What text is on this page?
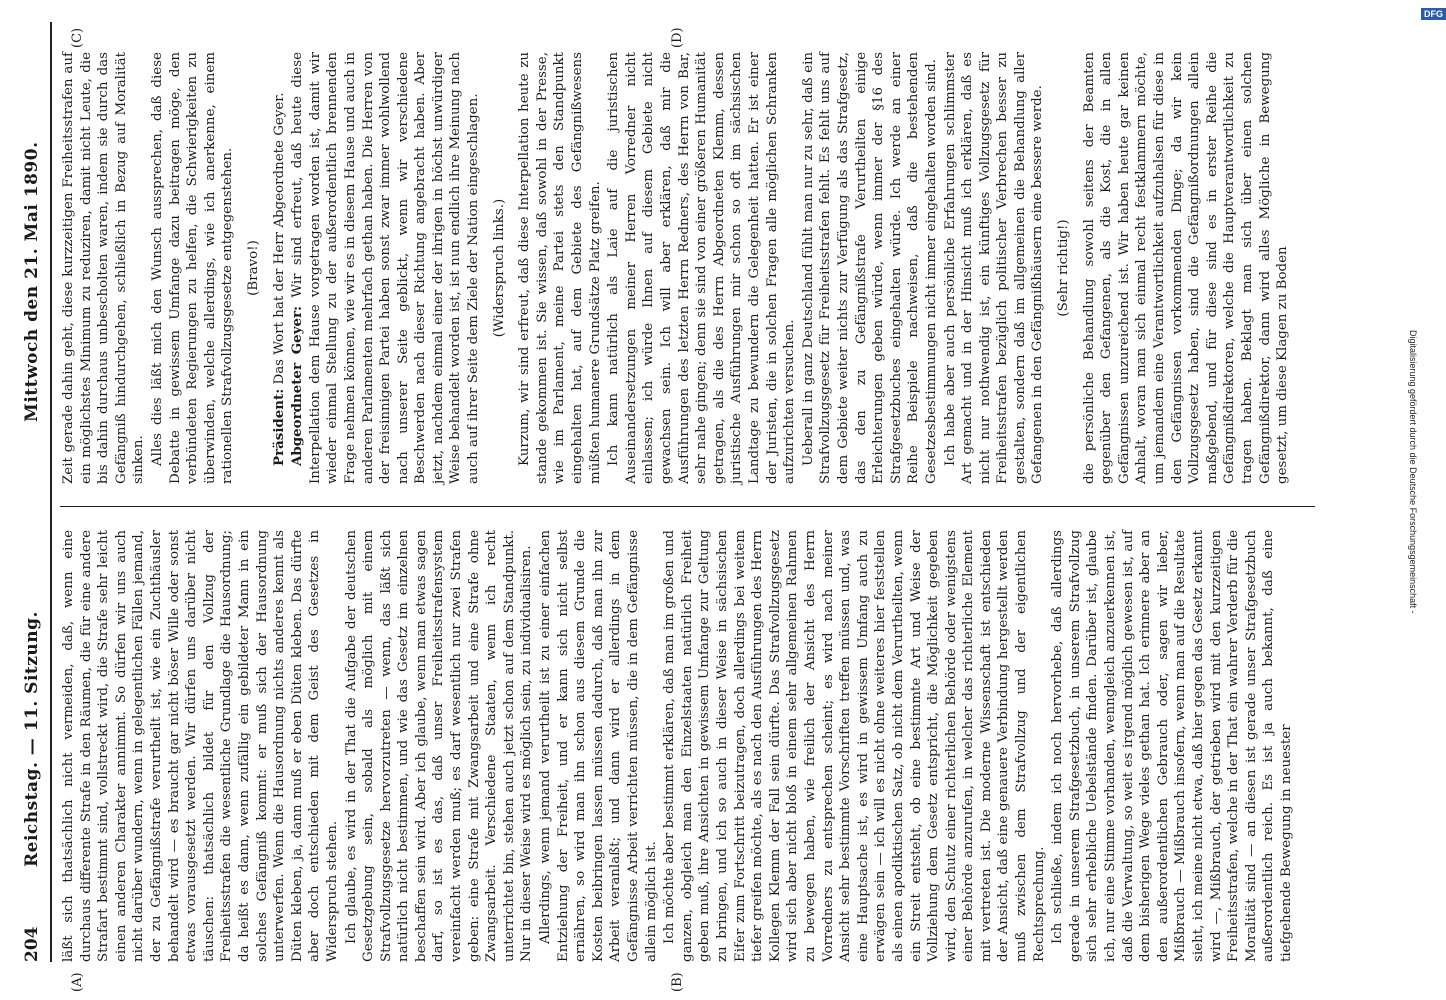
204
Reichstag. — 11. Sitzung.
Mittwoch den 21. Mai 1890.
(A)	(B)
(C)	(D)

läßt sich thatsächlich nicht vermeiden, daß, wenn eine durchaus differente Strafe in den Räumen, die für eine andere Strafart bestimmt sind, vollstreckt wird, die Strafe sehr leicht einen anderen Charakter annimmt. So dürfen wir uns auch nicht darüber wundern, wenn in gelegentlichen Fällen jemand, der zu Gefängnißstrafe verurtheilt ist, wie ein Zuchthäusler behandelt wird — es braucht gar nicht böser Wille oder sonst etwas vorausgesetzt werden. Wir dürfen uns darüber nicht täuschen: thatsächlich bildet für den Vollzug der Freiheitsstrafen die wesentliche Grundlage die Hausordnung; da heißt es dann, wenn zufällig ein gebildeter Mann in ein solches Gefängniß kommt: er muß sich der Hausordnung unterwerfen. Wenn die Hausordnung nichts anderes kennt als Düten kleben, ja, dann muß er eben Düten kleben. Das dürfte aber doch entschieden mit dem Geist des Gesetzes in Widerspruch stehen. Ich glaube, es wird in der That die Aufgabe der deutschen Gesetzgebung sein, sobald als möglich mit einem Strafvollzugsgesetze hervorzutreten — wenn, das läßt sich natürlich nicht bestimmen, und wie das Gesetz im einzelnen beschaffen sein wird. Aber ich glaube, wenn man etwas sagen darf, so ist es das, daß unser Freiheitsstrafensystem vereinfacht werden muß; es darf wesentlich nur zwei Strafen geben: eine Strafe mit Zwangsarbeit und eine Strafe ohne Zwangsarbeit. Verschiedene Staaten, wenn ich recht unterrichtet bin, stehen auch jetzt schon auf dem Standpunkt. Nur in dieser Weise wird es möglich sein, zu individualisiren. Allerdings, wenn jemand verurtheilt ist zu einer einfachen Entziehung der Freiheit, und er kann sich nicht selbst ernähren, so wird man ihn schon aus diesem Grunde die Kosten beibringen lassen müssen dadurch, daß man ihn zur Arbeit veranlaßt; und dann wird er allerdings in dem Gefängnisse Arbeit verrichten müssen, die in dem Gefängnisse allein möglich ist. Ich möchte aber bestimmt erklären, daß man im großen und ganzen, obgleich man den Einzelstaaten natürlich Freiheit geben muß, ihre Ansichten in gewissem Umfange zur Geltung zu bringen, und ich so auch in dieser Weise in sächsischen Eifer zum Fortschritt beizutragen, doch allerdings bei weitem tiefer greifen möchte, als es nach den Ausführungen des Herrn Kollegen Klemm der Fall sein dürfte. Das Strafvollzugsgesetz wird sich aber nicht bloß in einem sehr allgemeinen Rahmen zu bewegen haben, wie freilich der Ansicht des Herrn Vorredners zu entsprechen scheint; es wird nach meiner Ansicht sehr bestimmte Vorschriften treffen müssen und, was eine Hauptsache ist, es wird in gewissem Umfang auch zu erwägen sein — ich will es nicht ohne weiteres hier feststellen als einen apodiktischen Satz, ob nicht dem Verurtheilten, wenn ein Streit entsteht, ob eine bestimmte Art und Weise der Vollziehung dem Gesetz entspricht, die Möglichkeit gegeben wird, den Schutz einer richterlichen Behörde oder wenigstens einer Behörde anzurufen, in welcher das richterliche Element mit vertreten ist. Die moderne Wissenschaft ist entschieden der Ansicht, daß eine genauere Verbindung hergestellt werden muß zwischen dem Strafvollzug und der eigentlichen Rechtsprechung. Ich schließe, indem ich noch hervorhebe, daß allerdings gerade in unserem Strafgesetzbuch, in unserem Strafvollzug sich sehr erhebliche Uebelstände finden. Darüber ist, glaube ich, nur eine Stimme vorhanden, wenngleich anzuerkennen ist, daß die Verwaltung, so weit es irgend möglich gewesen ist, auf dem bisherigen Wege vieles gethan hat. Ich erinnere aber an den außerordentlichen Gebrauch oder, sagen wir lieber, Mißbrauch — Mißbrauch insofern, wenn man auf die Resultate sieht, ich meine nicht etwa, daß hier gegen das Gesetz erkannt wird —, Mißbrauch, der getrieben wird mit den kurzzeitigen Freiheitsstrafen, welche in der That ein wahrer Verderb für die Moralität sind — an diesen ist gerade unser Strafgesetzbuch außerordentlich reich. Es ist ja auch bekannt, daß eine tiefgehende Bewegung in neuester

Zeit gerade dahin geht, diese kurzzeitigen Freiheitsstrafen auf ein möglichstes Minimum zu reduziren, damit nicht Leute, die bis dahin durchaus unbescholten waren, indem sie durch das Gefängniß hindurchgehen, schließlich in Bezug auf Moralität sinken. Alles dies läßt mich den Wunsch aussprechen, daß diese Debatte in gewissem Umfange dazu beitragen möge, den verbündeten Regierungen zu helfen, die Schwierigkeiten zu überwinden, welche allerdings, wie ich anerkenne, einem rationellen Strafvollzugsgesetze entgegenstehen. (Bravo!)

Präsident: Das Wort hat der Herr Abgeordnete Geyer.

Abgeordneter Geyer: Wir sind erfreut, daß heute diese Interpellation dem Hause vorgetragen worden ist, damit wir wieder einmal Stellung zu der außerordentlich brennenden Frage nehmen können, wie wir es in diesem Hause und auch in anderen Parlamenten mehrfach gethan haben. Die Herren von der freisinnigen Partei haben sonst zwar immer wohlwollend nach unserer Seite geblickt, wenn wir verschiedene Beschwerden nach dieser Richtung angebracht haben. Aber jetzt, nachdem einmal einer der ihrigen in höchst unwürdiger Weise behandelt worden ist, ist nun endlich ihre Meinung nach auch auf ihrer Seite dem Ziele der Nation eingeschlagen. (Widerspruch links.) Kurzum, wir sind erfreut, daß diese Interpellation heute zu stande gekommen ist. Sie wissen, daß sowohl in der Presse, wie im Parlament, meine Partei stets den Standpunkt eingehalten hat, auf dem Gebiete des Gefängnißwesens müßten humanere Grundsätze Platz greifen. Ich kann natürlich als Laie auf die juristischen Auseinandersetzungen meiner Herren Vorredner nicht einlassen; ich würde Ihnen auf diesem Gebiete nicht gewachsen sein. Ich will aber erklären, daß mir die Ausführungen des letzten Herrn Redners, des Herrn von Bar, sehr nahe gingen; denn sie sind von einer größeren Humanität getragen, als die des Herrn Abgeordneten Klemm, dessen juristische Ausführungen mir schon so oft im sächsischen Landtage zu bewundern die Gelegenheit hatten. Er ist einer der Juristen, die in solchen Fragen alle möglichen Schranken aufzurichten versuchen. Ueberall in ganz Deutschland fühlt man nur zu sehr, daß ein Strafvollzugsgesetz für Freiheitsstrafen fehlt. Es fehlt uns auf dem Gebiete weiter nichts zur Verfügung als das Strafgesetz, das den zu Gefängnißstrafe Verurtheilten einige Erleichterungen geben würde, wenn immer der §16 des Strafgesetzbuches eingehalten würde. Ich werde an einer Reihe Beispiele nachweisen, daß die bestehenden Gesetzesbestimmungen nicht immer eingehalten worden sind. Ich habe aber auch persönliche Erfahrungen schlimmster Art gemacht und in der Hinsicht muß ich erklären, daß es nicht nur nothwendig ist, ein künftiges Vollzugsgesetz für Freiheitsstrafen bezüglich politischer Verbrechen besser zu gestalten, sondern daß im allgemeinen die Behandlung aller Gefangenen in den Gefängnißhäusern eine bessere werde. (Sehr richtig!) die persönliche Behandlung sowohl seitens der Beamten gegenüber den Gefangenen, als die Kost, die in allen Gefängnissen unzureichend ist. Wir haben heute gar keinen Anhalt, woran man sich einmal recht festklammern möchte, um jemandem eine Verantwortlichkeit aufzuhalsen für diese in den Gefängnissen vorkommenden Dinge; da wir kein Vollzugsgesetz haben, sind die Gefängnißordnungen allein maßgebend, und für diese sind es in erster Reihe die Gefängnißdirektoren, welche die Hauptverantwortlichkeit zu tragen haben. Beklagt man sich über einen solchen Gefängnißdirektor, dann wird alles Mögliche in Bewegung gesetzt, um diese Klagen zu Boden	Digitalisierung gefördert durch die Deutsche Forschungsgemeinschaft -
DFG
